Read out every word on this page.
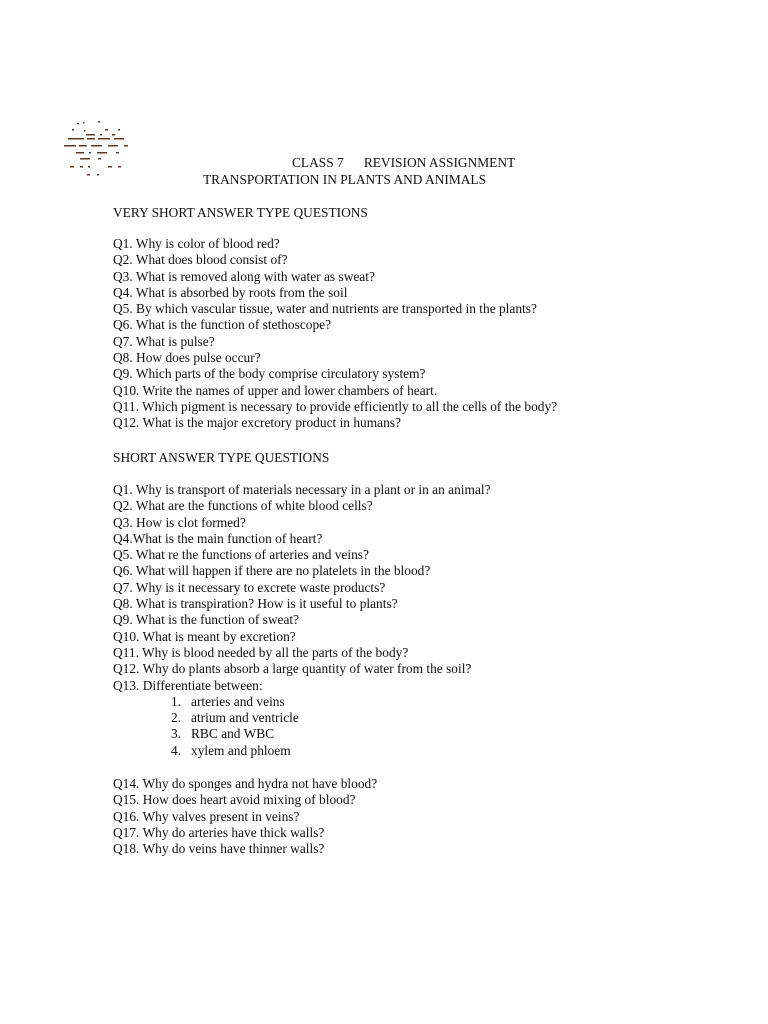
CLASS 7 REVISION ASSIGNMENT
TRANSPORTATION IN PLANTS AND ANIMALS
VERY SHORT ANSWER TYPE QUESTIONS
Q1. Why is color of blood red?
Q2. What does blood consist of?
Q3. What is removed along with water as sweat?
Q4. What is absorbed by roots from the soil
Q5. By which vascular tissue, water and nutrients are transported in the plants?
Q6. What is the function of stethoscope?
Q7. What is pulse?
Q8. How does pulse occur?
Q9. Which parts of the body comprise circulatory system?
Q10. Write the names of upper and lower chambers of heart.
Q11. Which pigment is necessary to provide efficiently to all the cells of the body?
Q12. What is the major excretory product in humans?
SHORT ANSWER TYPE QUESTIONS
Q1. Why is transport of materials necessary in a plant or in an animal?
Q2. What are the functions of white blood cells?
Q3. How is clot formed?
Q4.What is the main function of heart?
Q5. What re the functions of arteries and veins?
Q6. What will happen if there are no platelets in the blood?
Q7. Why is it necessary to excrete waste products?
Q8. What is transpiration? How is it useful to plants?
Q9. What is the function of sweat?
Q10. What is meant by excretion?
Q11. Why is blood needed by all the parts of the body?
Q12. Why do plants absorb a large quantity of water from the soil?
Q13. Differentiate between:
1. arteries and veins
2. atrium and ventricle
3. RBC and WBC
4. xylem and phloem
Q14. Why do sponges and hydra not have blood?
Q15. How does heart avoid mixing of blood?
Q16. Why valves present in veins?
Q17. Why do arteries have thick walls?
Q18. Why do veins have thinner walls?
